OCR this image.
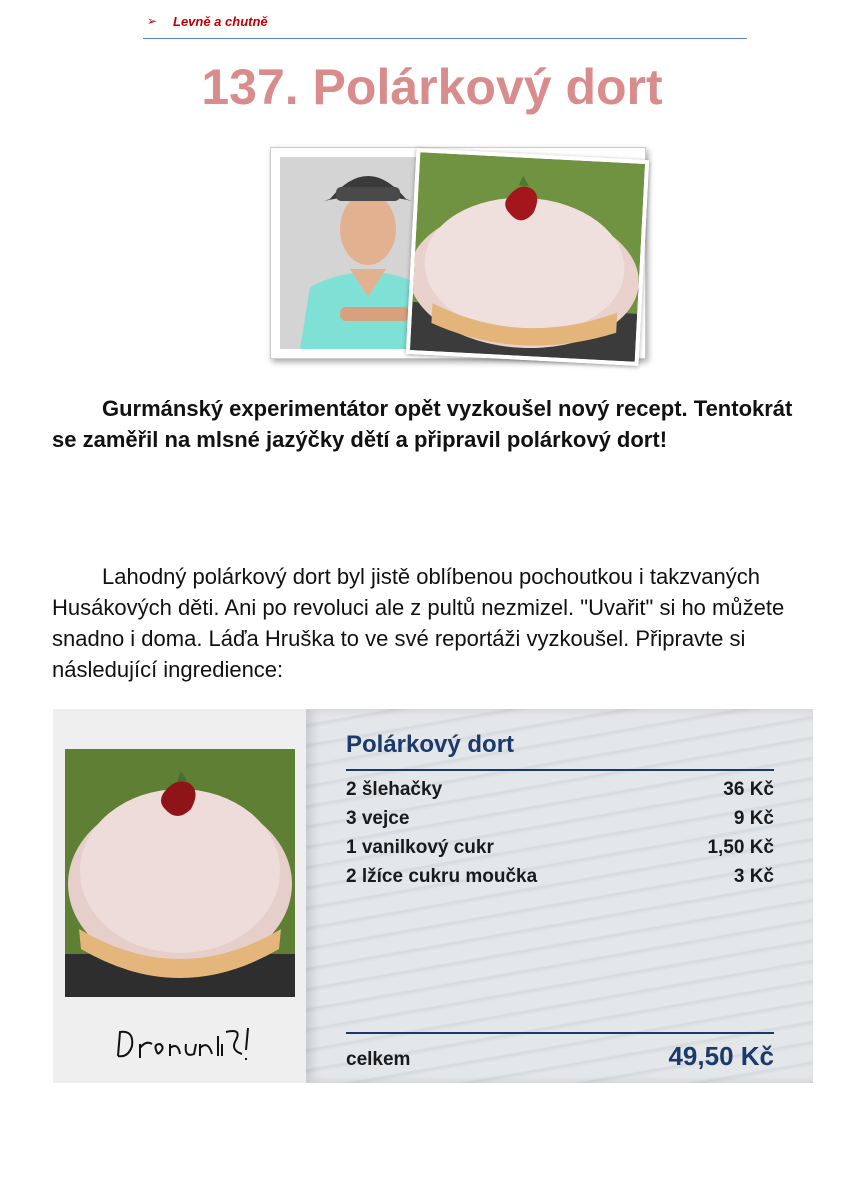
➢ Levně a chutně
137. Polárkový dort

Gurmánský experimentátor opět vyzkoušel nový recept. Tentokrát se zaměřil na mlsné jazýčky dětí a připravil polárkový dort!

Lahodný polárkový dort byl jistě oblíbenou pochoutkou i takzvaných Husákových děti. Ani po revoluci ale z pultů nezmizel. "Uvařit" si ho můžete snadno i doma. Láďa Hruška to ve své reportáži vyzkoušel. Připravte si následující ingredience:

Polárkový dort
2 šlehačky	36 Kč
3 vejce	9 Kč
1 vanilkový cukr	1,50 Kč
2 lžíce cukru moučka	3 Kč
celkem	49,50 Kč
